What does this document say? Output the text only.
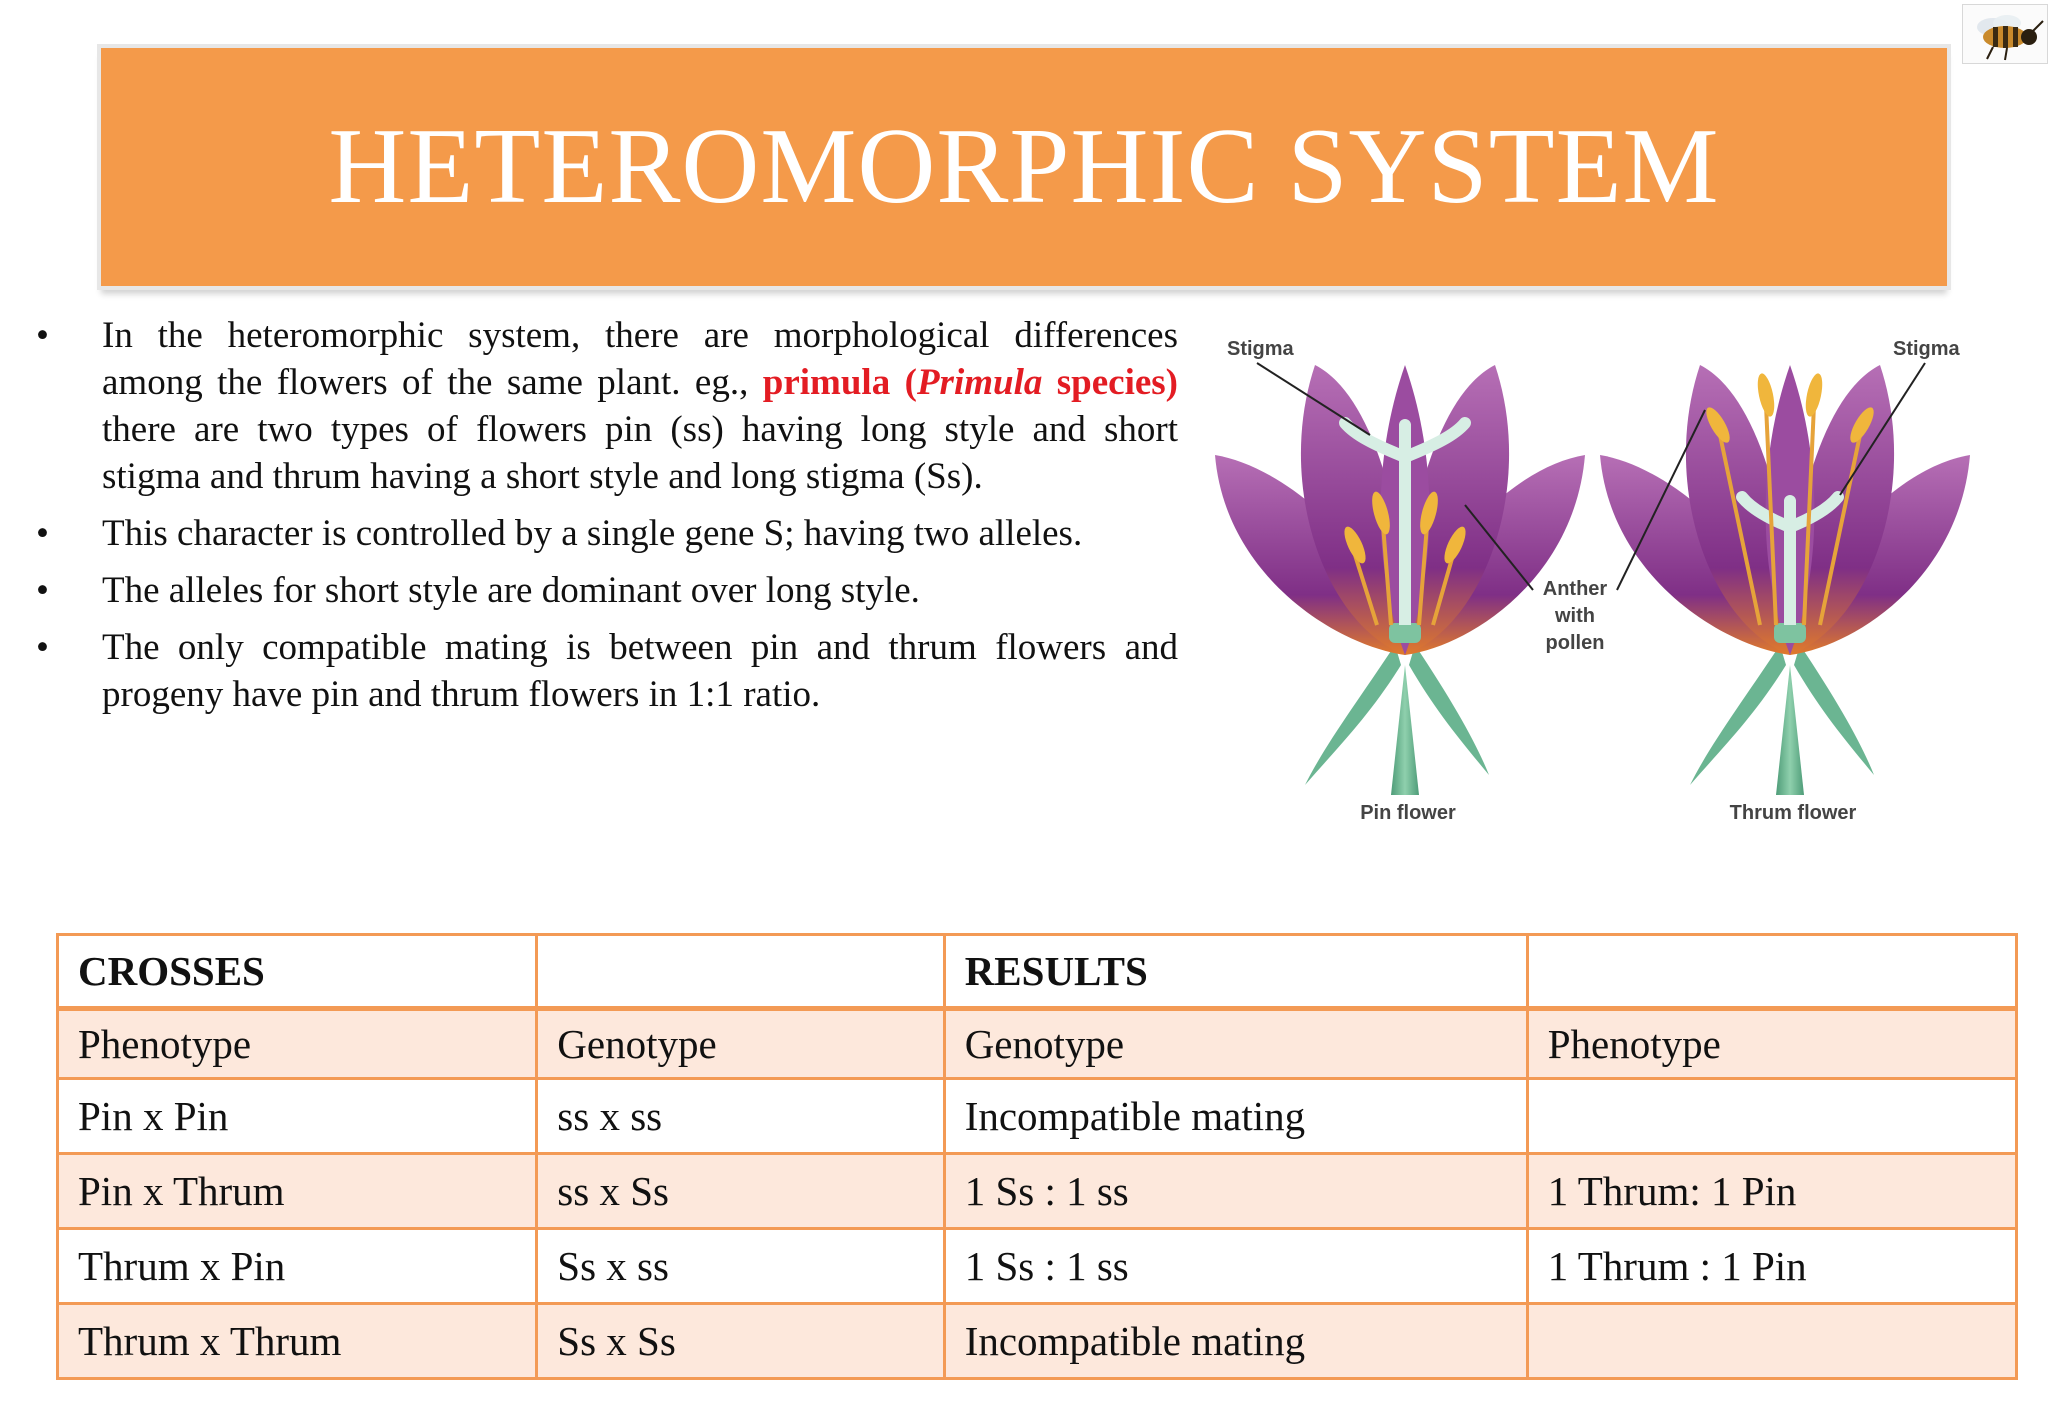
HETEROMORPHIC SYSTEM
• In the heteromorphic system, there are morphological differences among the flowers of the same plant. eg., primula (Primula species) there are two types of flowers pin (ss) having long style and short stigma and thrum having a short style and long stigma (Ss).
• This character is controlled by a single gene S; having two alleles.
• The alleles for short style are dominant over long style.
• The only compatible mating is between pin and thrum flowers and progeny have pin and thrum flowers in 1:1 ratio.
Stigma	Stigma
Anther
with
pollen
Pin flower	Thrum flower
CROSSES		RESULTS	
Phenotype	Genotype	Genotype	Phenotype
Pin x Pin	ss x ss	Incompatible mating	
Pin x Thrum	ss x Ss	1 Ss : 1 ss	1 Thrum: 1 Pin
Thrum x Pin	Ss x ss	1 Ss : 1 ss	1 Thrum : 1 Pin
Thrum x Thrum	Ss x Ss	Incompatible mating	
